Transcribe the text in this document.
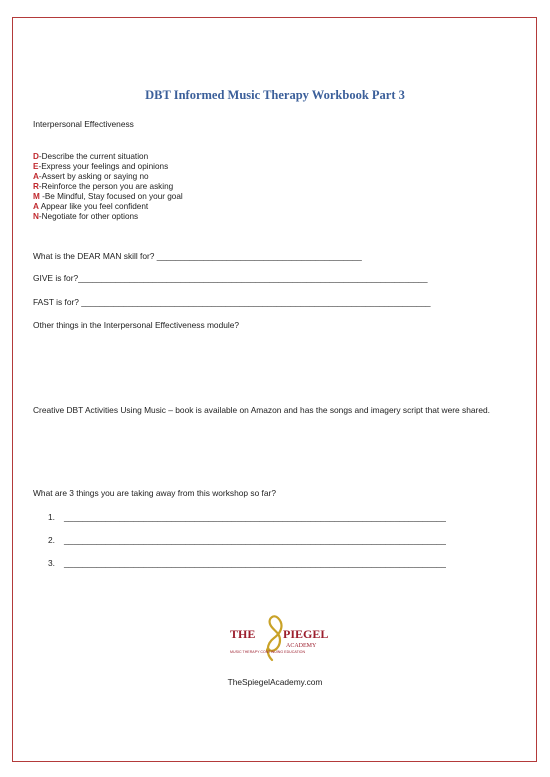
DBT Informed Music Therapy Workbook Part 3
Interpersonal Effectiveness
D-Describe the current situation
E-Express your feelings and opinions
A-Assert by asking or saying no
R-Reinforce the person you are asking
M -Be Mindful, Stay focused on your goal
A Appear like you feel confident
N-Negotiate for other options
What is the DEAR MAN skill for? ____________________________________________
GIVE is for?___________________________________________________________________________
FAST is for? ___________________________________________________________________________
Other things in the Interpersonal Effectiveness module?
Creative DBT Activities Using Music – book is available on Amazon and has the songs and imagery script that were shared.
What are 3 things you are taking away from this workshop so far?
1. __________________________________________________________________________________
2. __________________________________________________________________________________
3. __________________________________________________________________________________
THE PIEGEL
ACADEMY
MUSIC THERAPY CONTINUING EDUCATION
TheSpiegelAcademy.com
